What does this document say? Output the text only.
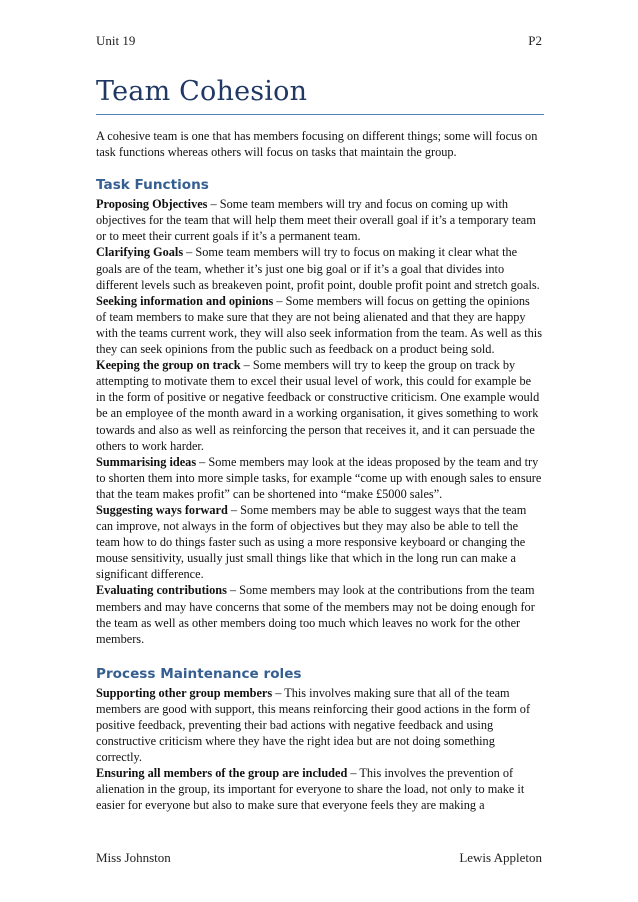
Unit 19	P2
Team Cohesion

A cohesive team is one that has members focusing on different things; some will focus on task functions whereas others will focus on tasks that maintain the group.

Task Functions

Proposing Objectives – Some team members will try and focus on coming up with objectives for the team that will help them meet their overall goal if it’s a temporary team or to meet their current goals if it’s a permanent team.

Clarifying Goals – Some team members will try to focus on making it clear what the goals are of the team, whether it’s just one big goal or if it’s a goal that divides into different levels such as breakeven point, profit point, double profit point and stretch goals.

Seeking information and opinions – Some members will focus on getting the opinions of team members to make sure that they are not being alienated and that they are happy with the teams current work, they will also seek information from the team. As well as this they can seek opinions from the public such as feedback on a product being sold.

Keeping the group on track – Some members will try to keep the group on track by attempting to motivate them to excel their usual level of work, this could for example be in the form of positive or negative feedback or constructive criticism. One example would be an employee of the month award in a working organisation, it gives something to work towards and also as well as reinforcing the person that receives it, and it can persuade the others to work harder.

Summarising ideas – Some members may look at the ideas proposed by the team and try to shorten them into more simple tasks, for example “come up with enough sales to ensure that the team makes profit” can be shortened into “make £5000 sales”.

Suggesting ways forward – Some members may be able to suggest ways that the team can improve, not always in the form of objectives but they may also be able to tell the team how to do things faster such as using a more responsive keyboard or changing the mouse sensitivity, usually just small things like that which in the long run can make a significant difference.

Evaluating contributions – Some members may look at the contributions from the team members and may have concerns that some of the members may not be doing enough for the team as well as other members doing too much which leaves no work for the other members.

Process Maintenance roles

Supporting other group members – This involves making sure that all of the team members are good with support, this means reinforcing their good actions in the form of positive feedback, preventing their bad actions with negative feedback and using constructive criticism where they have the right idea but are not doing something correctly.

Ensuring all members of the group are included – This involves the prevention of alienation in the group, its important for everyone to share the load, not only to make it easier for everyone but also to make sure that everyone feels they are making a

Miss Johnston	Lewis Appleton
